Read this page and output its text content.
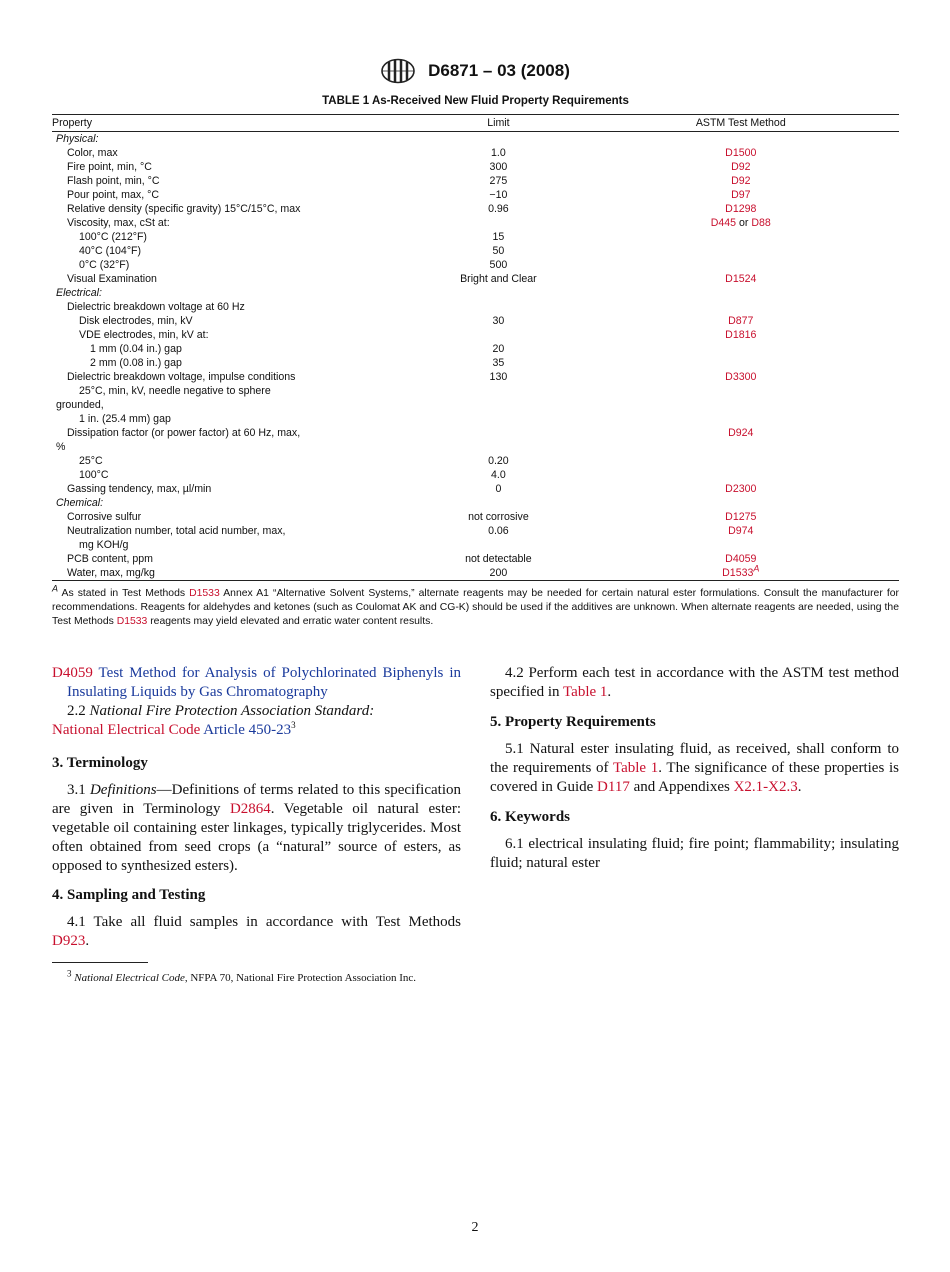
D6871 – 03 (2008)
TABLE 1 As-Received New Fluid Property Requirements
Property	Limit	ASTM Test Method
Physical:		
Color, max	1.0	D1500
Fire point, min, °C	300	D92
Flash point, min, °C	275	D92
Pour point, max, °C	−10	D97
Relative density (specific gravity) 15°C/15°C, max	0.96	D1298
Viscosity, max, cSt at:		D445 or D88
100°C (212°F)	15	
40°C (104°F)	50	
0°C (32°F)	500	
Visual Examination	Bright and Clear	D1524
Electrical:		
Dielectric breakdown voltage at 60 Hz		
Disk electrodes, min, kV	30	D877
VDE electrodes, min, kV at:		D1816
1 mm (0.04 in.) gap	20	
2 mm (0.08 in.) gap	35	
Dielectric breakdown voltage, impulse conditions	130	D3300
25°C, min, kV, needle negative to sphere		
grounded,		
1 in. (25.4 mm) gap		
Dissipation factor (or power factor) at 60 Hz, max,		D924
%		
25°C	0.20	
100°C	4.0	
Gassing tendency, max, µl/min	0	D2300
Chemical:		
Corrosive sulfur	not corrosive	D1275
Neutralization number, total acid number, max,	0.06	D974
mg KOH/g		
PCB content, ppm	not detectable	D4059
Water, max, mg/kg	200	$D1533^A$
$^A$ As stated in Test Methods D1533 Annex A1 “Alternative Solvent Systems,” alternate reagents may be needed for certain natural ester formulations. Consult the manufacturer for recommendations. Reagents for aldehydes and ketones (such as Coulomat AK and CG-K) should be used if the additives are unknown. When alternate reagents are needed, using the Test Methods D1533 reagents may yield elevated and erratic water content results.

D4059 Test Method for Analysis of Polychlorinated Biphenyls in Insulating Liquids by Gas Chromatography

2.2 National Fire Protection Association Standard:

National Electrical Code Article $450-23^3$

3. Terminology

3.1 Definitions—Definitions of terms related to this specification are given in Terminology D2864. Vegetable oil natural ester: vegetable oil containing ester linkages, typically triglycerides. Most often obtained from seed crops (a “natural” source of esters, as opposed to synthesized esters).

4. Sampling and Testing

4.1 Take all fluid samples in accordance with Test Methods D923.

4.2 Perform each test in accordance with the ASTM test method specified in Table 1.

5. Property Requirements

5.1 Natural ester insulating fluid, as received, shall conform to the requirements of Table 1. The significance of these properties is covered in Guide D117 and Appendixes X2.1-X2.3.

6. Keywords

6.1 electrical insulating fluid; fire point; flammability; insulating fluid; natural ester

$^3$ National Electrical Code, NFPA 70, National Fire Protection Association Inc.
2
